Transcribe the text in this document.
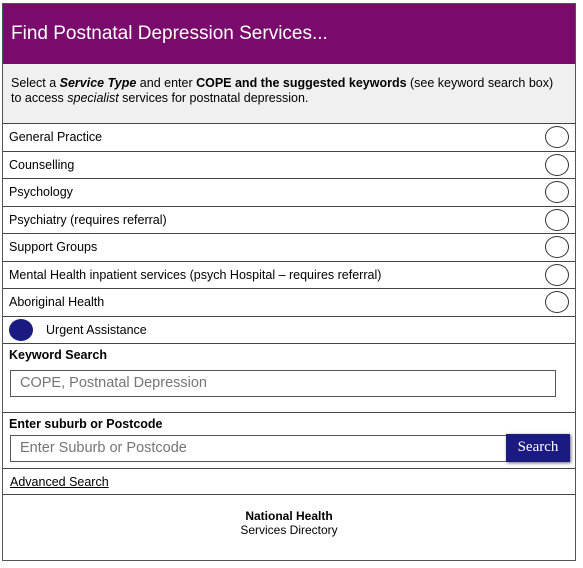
Find Postnatal Depression Services...
Select a Service Type and enter COPE and the suggested keywords (see keyword search box) to access specialist services for postnatal depression.
General Practice
Counselling
Psychology
Psychiatry (requires referral)
Support Groups
Mental Health inpatient services (psych Hospital – requires referral)
Aboriginal Health
Urgent Assistance
Keyword Search
COPE, Postnatal Depression
Enter suburb or Postcode
Enter Suburb or Postcode
Search
Advanced Search
National Health
Services Directory
